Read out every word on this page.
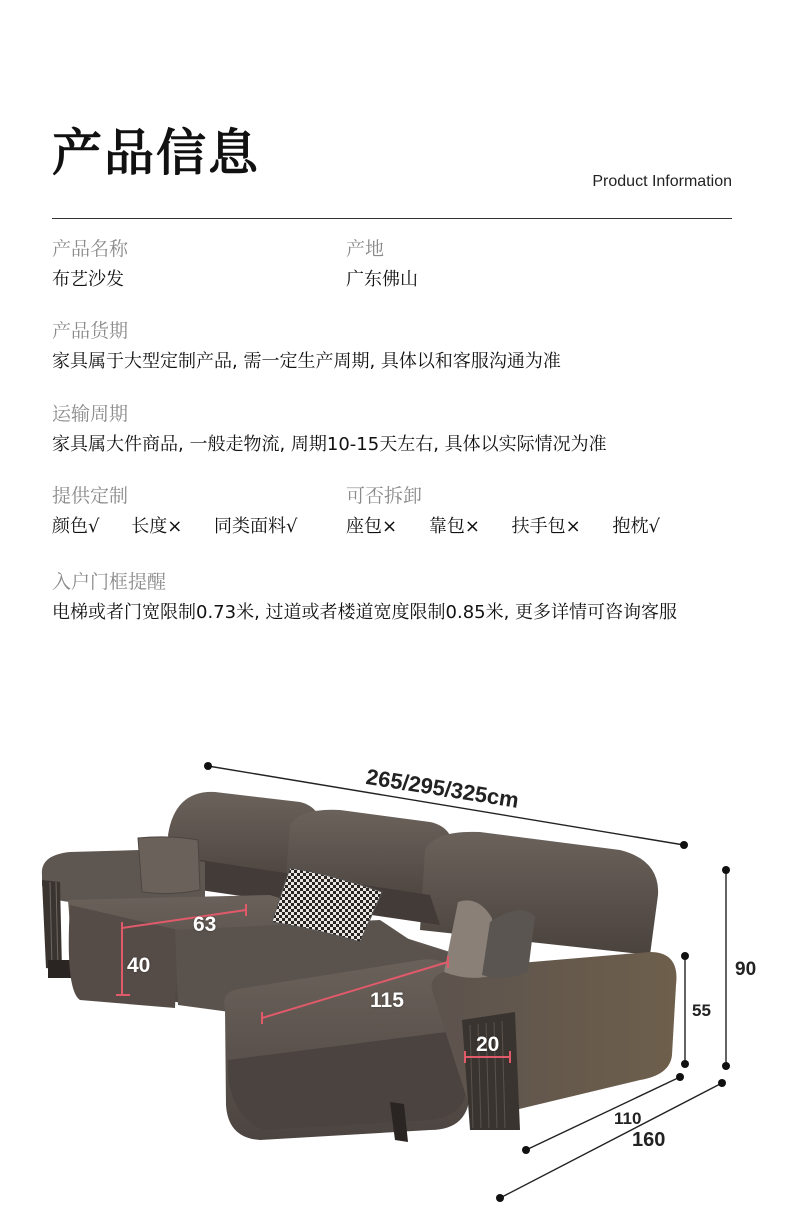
产品信息	Product Information
产品名称
布艺沙发
产地
广东佛山
产品货期
家具属于大型定制产品, 需一定生产周期, 具体以和客服沟通为准
运输周期
家具属大件商品, 一般走物流, 周期10-15天左右, 具体以实际情况为准
提供定制
颜色√ 长度× 同类面料√
可否拆卸
座包× 靠包× 扶手包× 抱枕√
入户门框提醒
电梯或者门宽限制0.73米, 过道或者楼道宽度限制0.85米, 更多详情可咨询客服
265/295/325cm
63
40
115
20
55
90
110
160
